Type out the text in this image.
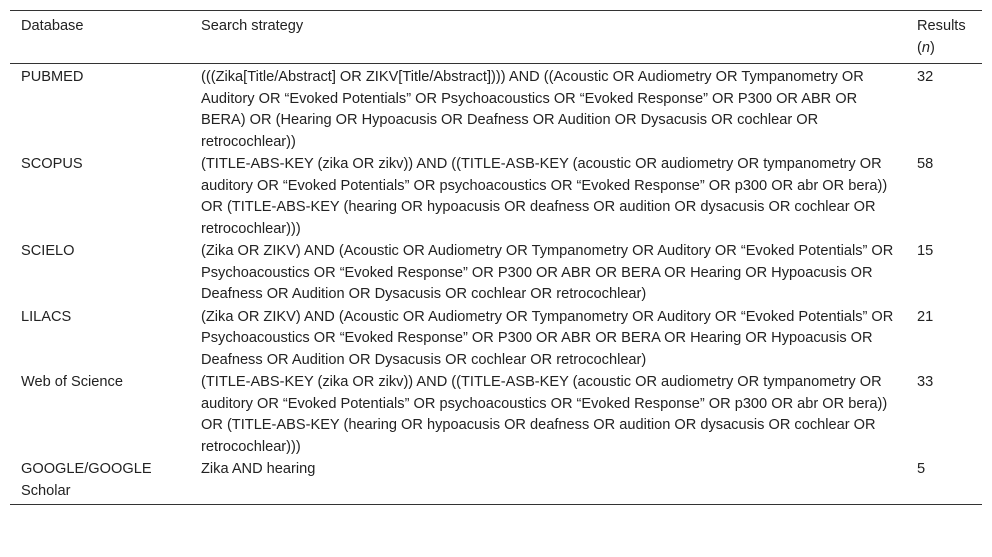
Database	Search strategy	Results
(n)
PUBMED	(((Zika[Title/Abstract] OR ZIKV[Title/Abstract]))) AND ((Acoustic OR Audiometry OR Tympanometry OR Auditory OR “Evoked Potentials” OR Psychoacoustics OR “Evoked Response” OR P300 OR ABR OR BERA) OR (Hearing OR Hypoacusis OR Deafness OR Audition OR Dysacusis OR cochlear OR retrocochlear))	32
SCOPUS	(TITLE-ABS-KEY (zika OR zikv)) AND ((TITLE-ASB-KEY (acoustic OR audiometry OR tympanometry OR auditory OR “Evoked Potentials” OR psychoacoustics OR “Evoked Response” OR p300 OR abr OR bera)) OR (TITLE-ABS-KEY (hearing OR hypoacusis OR deafness OR audition OR dysacusis OR cochlear OR retrocochlear)))	58
SCIELO	(Zika OR ZIKV) AND (Acoustic OR Audiometry OR Tympanometry OR Auditory OR “Evoked Potentials” OR Psychoacoustics OR “Evoked Response” OR P300 OR ABR OR BERA OR Hearing OR Hypoacusis OR Deafness OR Audition OR Dysacusis OR cochlear OR retrocochlear)	15
LILACS	(Zika OR ZIKV) AND (Acoustic OR Audiometry OR Tympanometry OR Auditory OR “Evoked Potentials” OR Psychoacoustics OR “Evoked Response” OR P300 OR ABR OR BERA OR Hearing OR Hypoacusis OR Deafness OR Audition OR Dysacusis OR cochlear OR retrocochlear)	21
Web of Science	(TITLE-ABS-KEY (zika OR zikv)) AND ((TITLE-ASB-KEY (acoustic OR audiometry OR tympanometry OR auditory OR “Evoked Potentials” OR psychoacoustics OR “Evoked Response” OR p300 OR abr OR bera)) OR (TITLE-ABS-KEY (hearing OR hypoacusis OR deafness OR audition OR dysacusis OR cochlear OR retrocochlear)))	33
GOOGLE/GOOGLE Scholar	Zika AND hearing	5
